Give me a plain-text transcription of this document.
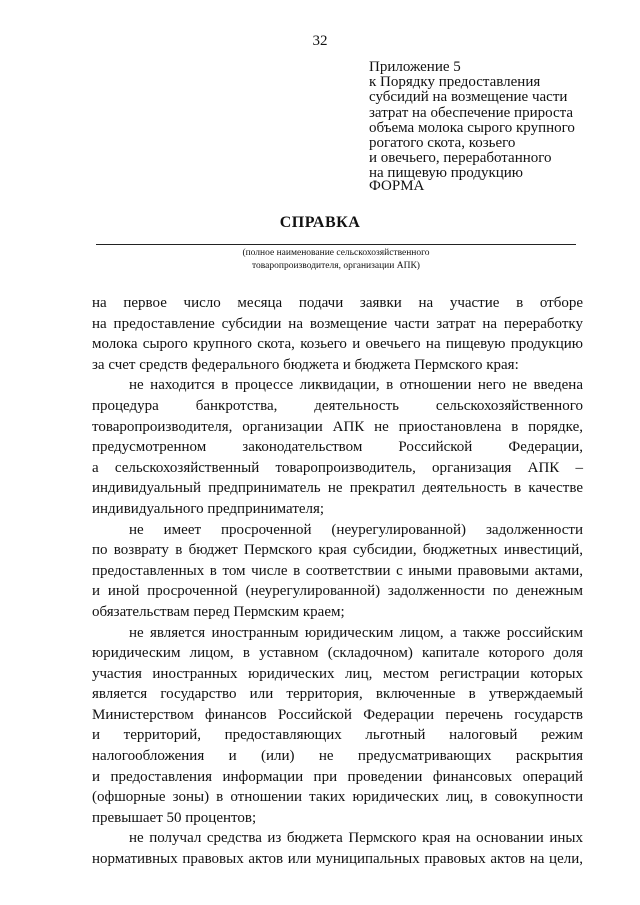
32
Приложение 5
к Порядку предоставления
субсидий на возмещение части
затрат на обеспечение прироста
объема молока сырого крупного
рогатого скота, козьего
и овечьего, переработанного
на пищевую продукцию
ФОРМА
СПРАВКА
(полное наименование сельскохозяйственного
товаропроизводителя, организации АПК)
на первое число месяца подачи заявки на участие в отборе
на предоставление субсидии на возмещение части затрат на переработку
молока сырого крупного скота, козьего и овечьего на пищевую продукцию
за счет средств федерального бюджета и бюджета Пермского края:
не находится в процессе ликвидации, в отношении него не введена
процедура банкротства, деятельность сельскохозяйственного
товаропроизводителя, организации АПК не приостановлена в порядке,
предусмотренном законодательством Российской Федерации,
а сельскохозяйственный товаропроизводитель, организация АПК –
индивидуальный предприниматель не прекратил деятельность в качестве
индивидуального предпринимателя;
не имеет просроченной (неурегулированной) задолженности
по возврату в бюджет Пермского края субсидии, бюджетных инвестиций,
предоставленных в том числе в соответствии с иными правовыми актами,
и иной просроченной (неурегулированной) задолженности по денежным
обязательствам перед Пермским краем;
не является иностранным юридическим лицом, а также российским
юридическим лицом, в уставном (складочном) капитале которого доля
участия иностранных юридических лиц, местом регистрации которых
является государство или территория, включенные в утверждаемый
Министерством финансов Российской Федерации перечень государств
и территорий, предоставляющих льготный налоговый режим
налогообложения и (или) не предусматривающих раскрытия
и предоставления информации при проведении финансовых операций
(офшорные зоны) в отношении таких юридических лиц, в совокупности
превышает 50 процентов;
не получал средства из бюджета Пермского края на основании иных
нормативных правовых актов или муниципальных правовых актов на цели,
